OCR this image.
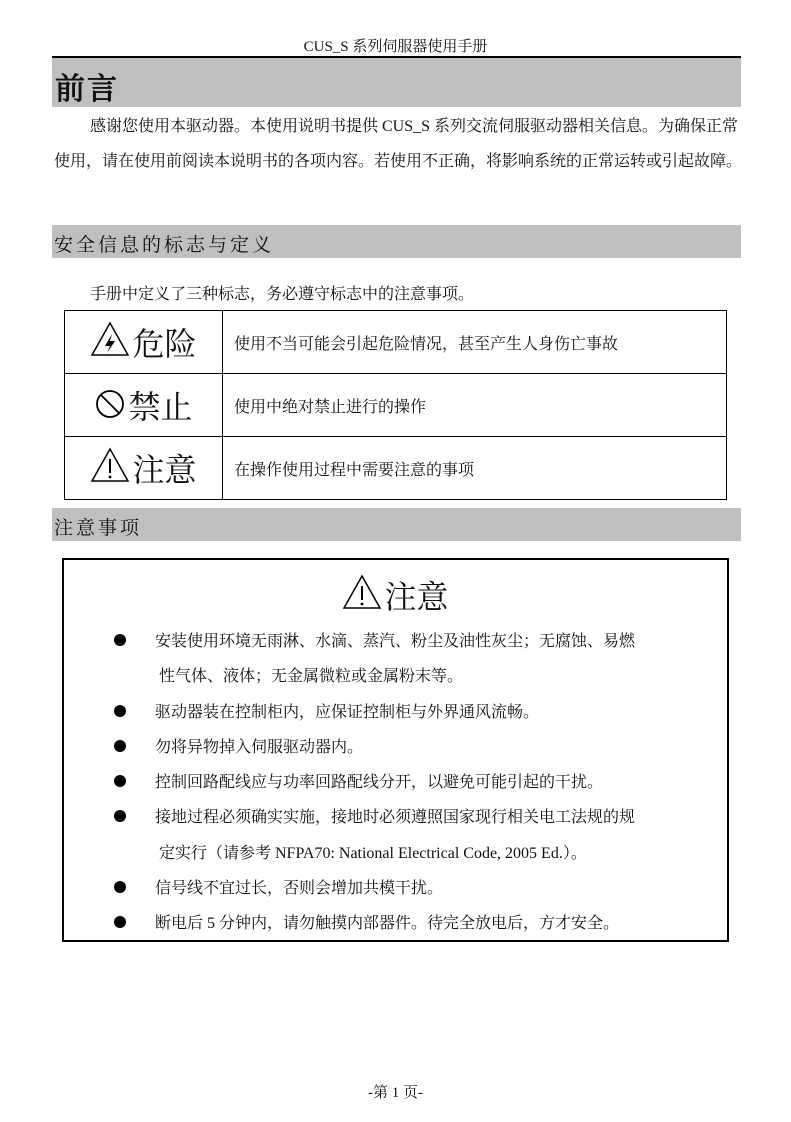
CUS_S 系列伺服器使用手册
前言
感谢您使用本驱动器。本使用说明书提供 CUS_S 系列交流伺服驱动器相关信息。为确保正常使用，请在使用前阅读本说明书的各项内容。若使用不正确，将影响系统的正常运转或引起故障。
安全信息的标志与定义
手册中定义了三种标志，务必遵守标志中的注意事项。
危险	使用不当可能会引起危险情况，甚至产生人身伤亡事故
禁止	使用中绝对禁止进行的操作
注意	在操作使用过程中需要注意的事项
注意事项
注意
安装使用环境无雨淋、水滴、蒸汽、粉尘及油性灰尘；无腐蚀、易燃
性气体、液体；无金属微粒或金属粉末等。
驱动器装在控制柜内，应保证控制柜与外界通风流畅。
勿将异物掉入伺服驱动器内。
控制回路配线应与功率回路配线分开，以避免可能引起的干扰。
接地过程必须确实实施，接地时必须遵照国家现行相关电工法规的规
定实行（请参考 NFPA70: National Electrical Code, 2005 Ed.）。
信号线不宜过长，否则会增加共模干扰。
断电后 5 分钟内，请勿触摸内部器件。待完全放电后，方才安全。
-第 1 页-
